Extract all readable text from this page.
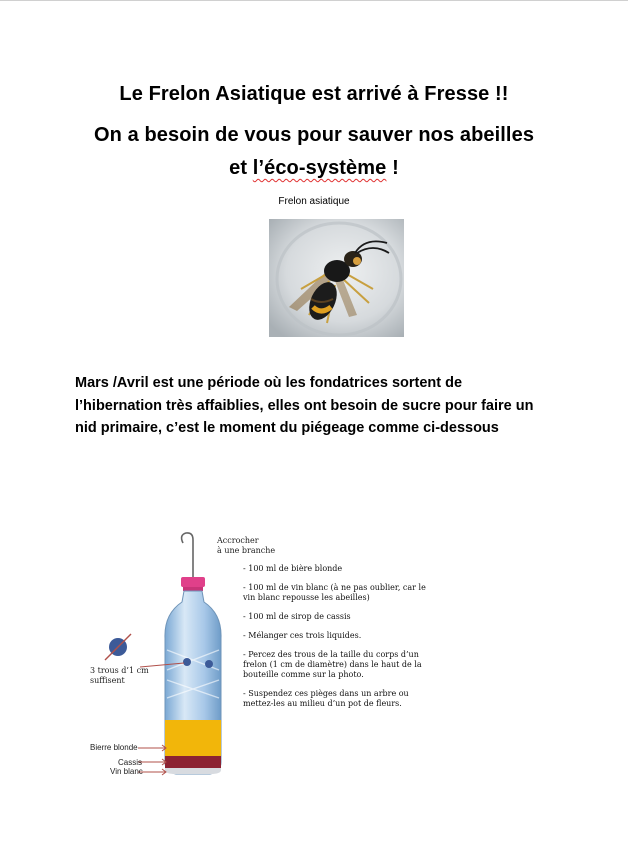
Le Frelon Asiatique est arrivé à Fresse !!
On a besoin de vous pour sauver nos abeilles
et l’éco-système !
Frelon asiatique
Mars /Avril est une période où les fondatrices sortent de
l’hibernation très affaiblies, elles ont besoin de sucre pour faire un
nid primaire, c’est le moment du piégeage comme ci-dessous
Accrocher
à une branche
3 trous d’1 cm
suffisent
Bierre blonde
Cassis
Vin blanc

- 100 ml de bière blonde

- 100 ml de vin blanc (à ne pas oublier, car le vin blanc repousse les abeilles)

- 100 ml de sirop de cassis

- Mélanger ces trois liquides.

- Percez des trous de la taille du corps d’un frelon (1 cm de diamètre) dans le haut de la bouteille comme sur la photo.

- Suspendez ces pièges dans un arbre ou mettez-les au milieu d’un pot de fleurs.
